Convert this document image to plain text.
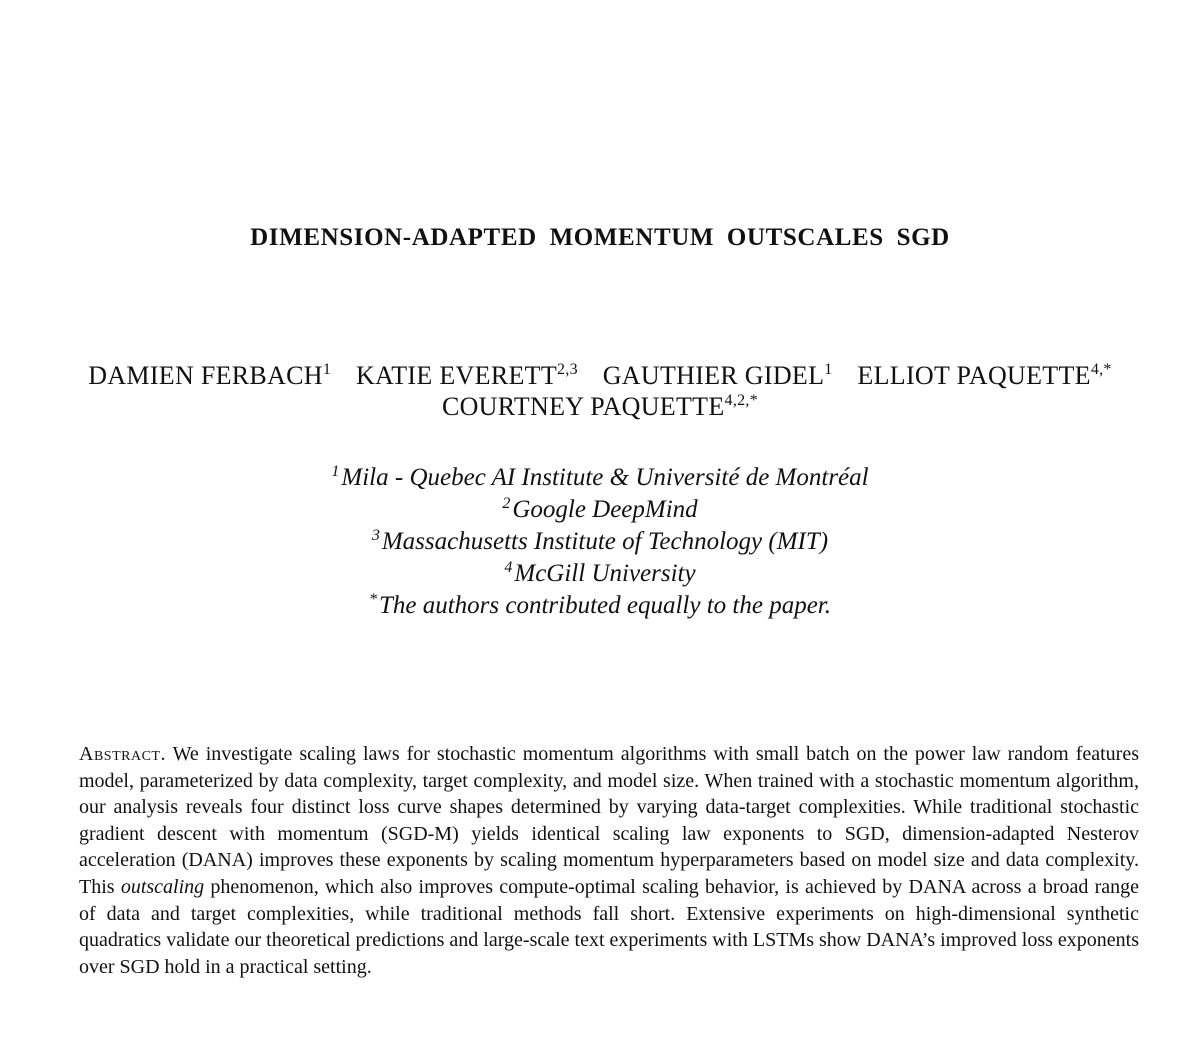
DIMENSION-ADAPTED MOMENTUM OUTSCALES SGD
DAMIEN FERBACH$^1$ KATIE EVERETT$^{2,3}$ GAUTHIER GIDEL$^1$ ELLIOT $PAQUETTE^{4,*}$
COURTNEY $PAQUETTE^{4,2,*}$
$^1$Mila - Quebec AI Institute & Université de Montréal
$^2$Google DeepMind
$^3$Massachusetts Institute of Technology (MIT)
$^4$McGill University
*The authors contributed equally to the paper.

Abstract. We investigate scaling laws for stochastic momentum algorithms with small batch on the power law random features model, parameterized by data complexity, target complexity, and model size. When trained with a stochastic momentum algorithm, our analysis reveals four distinct loss curve shapes determined by varying data-target complexities. While traditional stochastic gradient descent with momentum (SGD-M) yields identical scaling law exponents to SGD, dimension-adapted Nesterov acceleration (DANA) improves these exponents by scaling momentum hyperparameters based on model size and data complexity. This outscaling phenomenon, which also improves compute-optimal scaling behavior, is achieved by DANA across a broad range of data and target complexities, while traditional methods fall short. Extensive experiments on high-dimensional synthetic quadratics validate our theoretical predictions and large-scale text experiments with LSTMs show DANA’s improved loss exponents over SGD hold in a practical setting.
